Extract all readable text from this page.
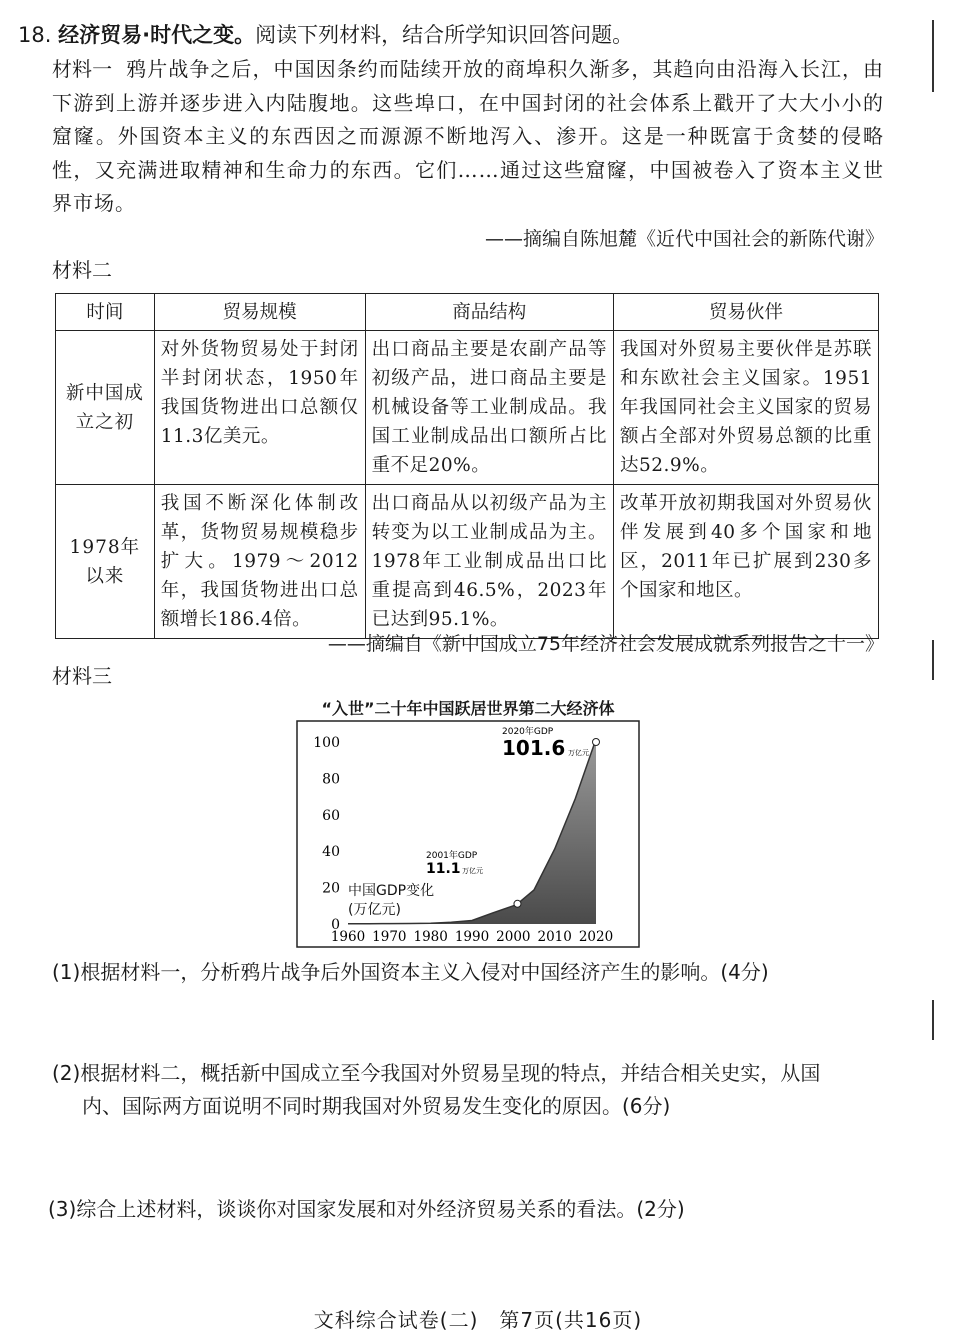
18. 经济贸易·时代之变。阅读下列材料，结合所学知识回答问题。
材料一 鸦片战争之后，中国因条约而陆续开放的商埠积久渐多，其趋向由沿海入长江，由下游到上游并逐步进入内陆腹地。这些埠口，在中国封闭的社会体系上戳开了大大小小的窟窿。外国资本主义的东西因之而源源不断地泻入、渗开。这是一种既富于贪婪的侵略性，又充满进取精神和生命力的东西。它们……通过这些窟窿，中国被卷入了资本主义世界市场。
——摘编自陈旭麓《近代中国社会的新陈代谢》
材料二
时间	贸易规模	商品结构	贸易伙伴
新中国成立之初	对外货物贸易处于封闭半封闭状态，1950年我国货物进出口总额仅11.3亿美元。	出口商品主要是农副产品等初级产品，进口商品主要是机械设备等工业制成品。我国工业制成品出口额所占比重不足20%。	我国对外贸易主要伙伴是苏联和东欧社会主义国家。1951年我国同社会主义国家的贸易额占全部对外贸易总额的比重达52.9%。
1978年以来	我国不断深化体制改革，货物贸易规模稳步扩大。1979～2012年，我国货物进出口总额增长186.4倍。	出口商品从以初级产品为主转变为以工业制成品为主。1978年工业制成品出口比重提高到46.5%，2023年已达到95.1%。	改革开放初期我国对外贸易伙伴发展到40多个国家和地区，2011年已扩展到230多个国家和地区。
——摘编自《新中国成立75年经济社会发展成就系列报告之十一》
材料三
“入世”二十年中国跃居世界第二大经济体
0
20
40
60
80
100
1960 1970 1980 1990 2000 2010 2020
2001年GDP
11.1 万亿元
2020年GDP
101.6 万亿元
中国GDP变化
(万亿元)
(1)根据材料一，分析鸦片战争后外国资本主义入侵对中国经济产生的影响。(4分)
(2)根据材料二，概括新中国成立至今我国对外贸易呈现的特点，并结合相关史实，从国
内、国际两方面说明不同时期我国对外贸易发生变化的原因。(6分)
(3)综合上述材料，谈谈你对国家发展和对外经济贸易关系的看法。(2分)
文科综合试卷(二)　第7页(共16页)
